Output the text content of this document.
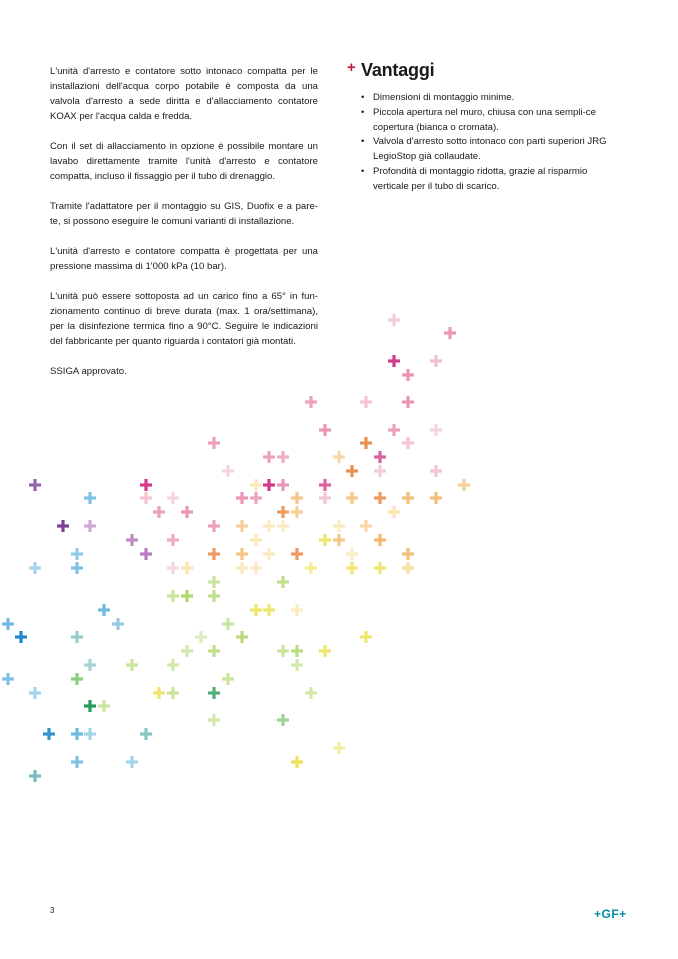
L'unità d'arresto e contatore sotto intonaco compatta per le installazioni dell'acqua corpo potabile è composta da una valvola d'arresto a sede diritta e d'allacciamento contatore KOAX per l'acqua calda e fredda.

Con il set di allacciamento in opzione è possibile montare un lavabo direttamente tramite l'unità d'arresto e contatore compatta, incluso il fissaggio per il tubo di drenaggio.

Tramite l'adattatore per il montaggio su GIS, Duofix e a pare-te, si possono eseguire le comuni varianti di installazione.

L'unità d'arresto e contatore compatta è progettata per una pressione massima di 1'000 kPa (10 bar).

L'unità può essere sottoposta ad un carico fino a 65° in fun-zionamento continuo di breve durata (max. 1 ora/settimana), per la disinfezione termica fino a 90°C. Seguire le indicazioni del fabbricante per quanto riguarda i contatori già montati.

SSIGA approvato.

+ Vantaggi
• Dimensioni di montaggio minime.
• Piccola apertura nel muro, chiusa con una sempli-ce copertura (bianca o cromata).
• Valvola d'arresto sotto intonaco con parti superiori JRG LegioStop già collaudate.
• Profondità di montaggio ridotta, grazie al risparmio verticale per il tubo di scarico.
3	+GF+
